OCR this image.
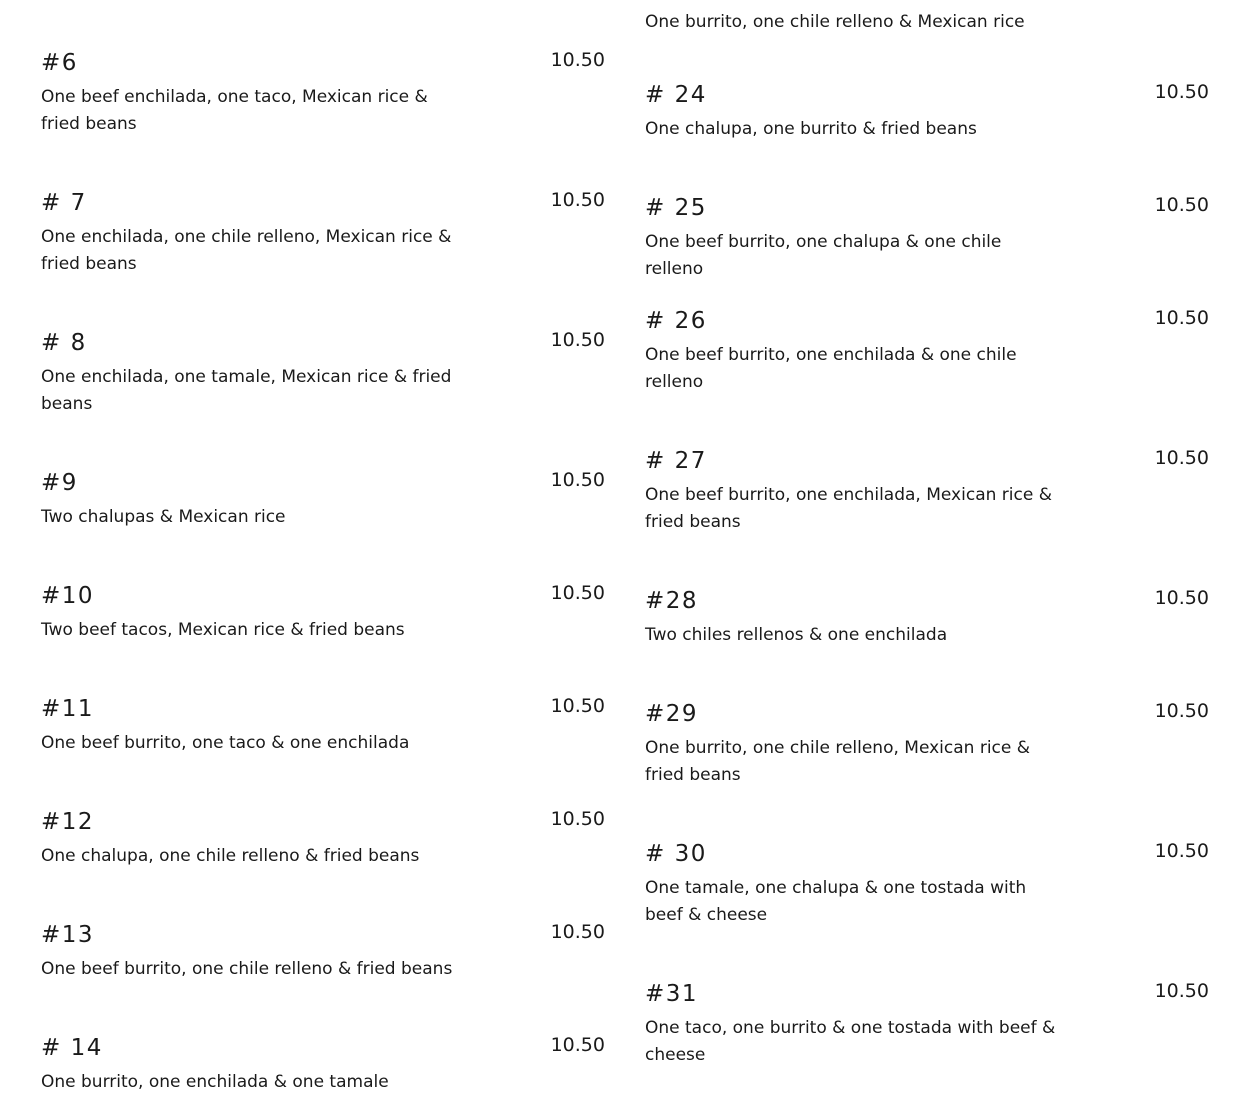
#6	10.50
One beef enchilada, one taco, Mexican rice & fried beans
# 7	10.50
One enchilada, one chile relleno, Mexican rice & fried beans
# 8	10.50
One enchilada, one tamale, Mexican rice & fried beans
#9	10.50
Two chalupas & Mexican rice
#10	10.50
Two beef tacos, Mexican rice & fried beans
#11	10.50
One beef burrito, one taco & one enchilada
#12	10.50
One chalupa, one chile relleno & fried beans
#13	10.50
One beef burrito, one chile relleno & fried beans
# 14	10.50
One burrito, one enchilada & one tamale
One burrito, one chile relleno & Mexican rice
# 24	10.50
One chalupa, one burrito & fried beans
# 25	10.50
One beef burrito, one chalupa & one chile relleno
# 26	10.50
One beef burrito, one enchilada & one chile relleno
# 27	10.50
One beef burrito, one enchilada, Mexican rice & fried beans
#28	10.50
Two chiles rellenos & one enchilada
#29	10.50
One burrito, one chile relleno, Mexican rice & fried beans
# 30	10.50
One tamale, one chalupa & one tostada with beef & cheese
#31	10.50
One taco, one burrito & one tostada with beef & cheese
